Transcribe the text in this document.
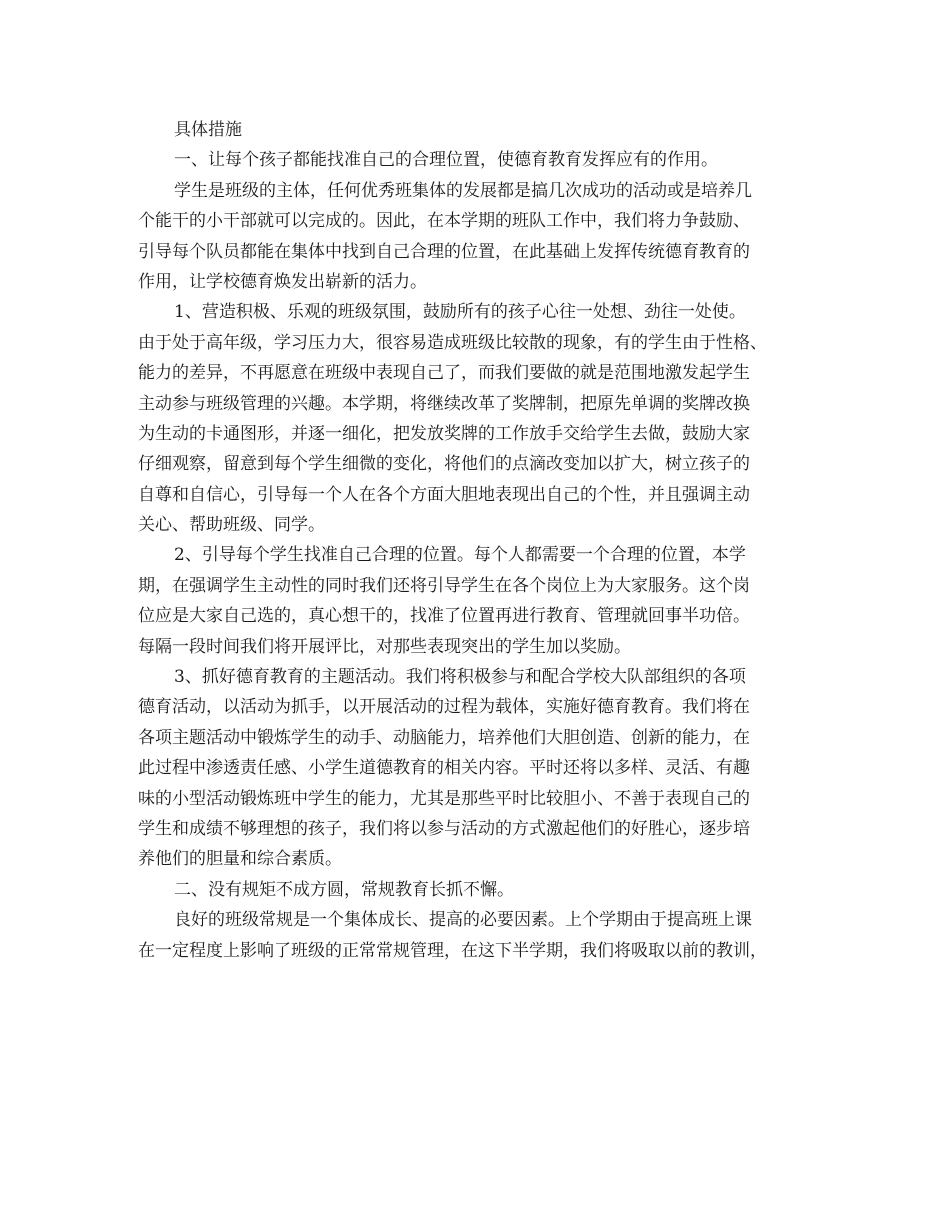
具体措施
一、让每个孩子都能找准自己的合理位置，使德育教育发挥应有的作用。
学生是班级的主体，任何优秀班集体的发展都是搞几次成功的活动或是培养几
个能干的小干部就可以完成的。因此，在本学期的班队工作中，我们将力争鼓励、
引导每个队员都能在集体中找到自己合理的位置，在此基础上发挥传统德育教育的
作用，让学校德育焕发出崭新的活力。
1、营造积极、乐观的班级氛围，鼓励所有的孩子心往一处想、劲往一处使。
由于处于高年级，学习压力大，很容易造成班级比较散的现象，有的学生由于性格、
能力的差异，不再愿意在班级中表现自己了，而我们要做的就是范围地激发起学生
主动参与班级管理的兴趣。本学期，将继续改革了奖牌制，把原先单调的奖牌改换
为生动的卡通图形，并逐一细化，把发放奖牌的工作放手交给学生去做，鼓励大家
仔细观察，留意到每个学生细微的变化，将他们的点滴改变加以扩大，树立孩子的
自尊和自信心，引导每一个人在各个方面大胆地表现出自己的个性，并且强调主动
关心、帮助班级、同学。
2、引导每个学生找准自己合理的位置。每个人都需要一个合理的位置，本学
期，在强调学生主动性的同时我们还将引导学生在各个岗位上为大家服务。这个岗
位应是大家自己选的，真心想干的，找准了位置再进行教育、管理就回事半功倍。
每隔一段时间我们将开展评比，对那些表现突出的学生加以奖励。
3、抓好德育教育的主题活动。我们将积极参与和配合学校大队部组织的各项
德育活动，以活动为抓手，以开展活动的过程为载体，实施好德育教育。我们将在
各项主题活动中锻炼学生的动手、动脑能力，培养他们大胆创造、创新的能力，在
此过程中渗透责任感、小学生道德教育的相关内容。平时还将以多样、灵活、有趣
味的小型活动锻炼班中学生的能力，尤其是那些平时比较胆小、不善于表现自己的
学生和成绩不够理想的孩子，我们将以参与活动的方式激起他们的好胜心，逐步培
养他们的胆量和综合素质。
二、没有规矩不成方圆，常规教育长抓不懈。
良好的班级常规是一个集体成长、提高的必要因素。上个学期由于提高班上课
在一定程度上影响了班级的正常常规管理，在这下半学期，我们将吸取以前的教训，
